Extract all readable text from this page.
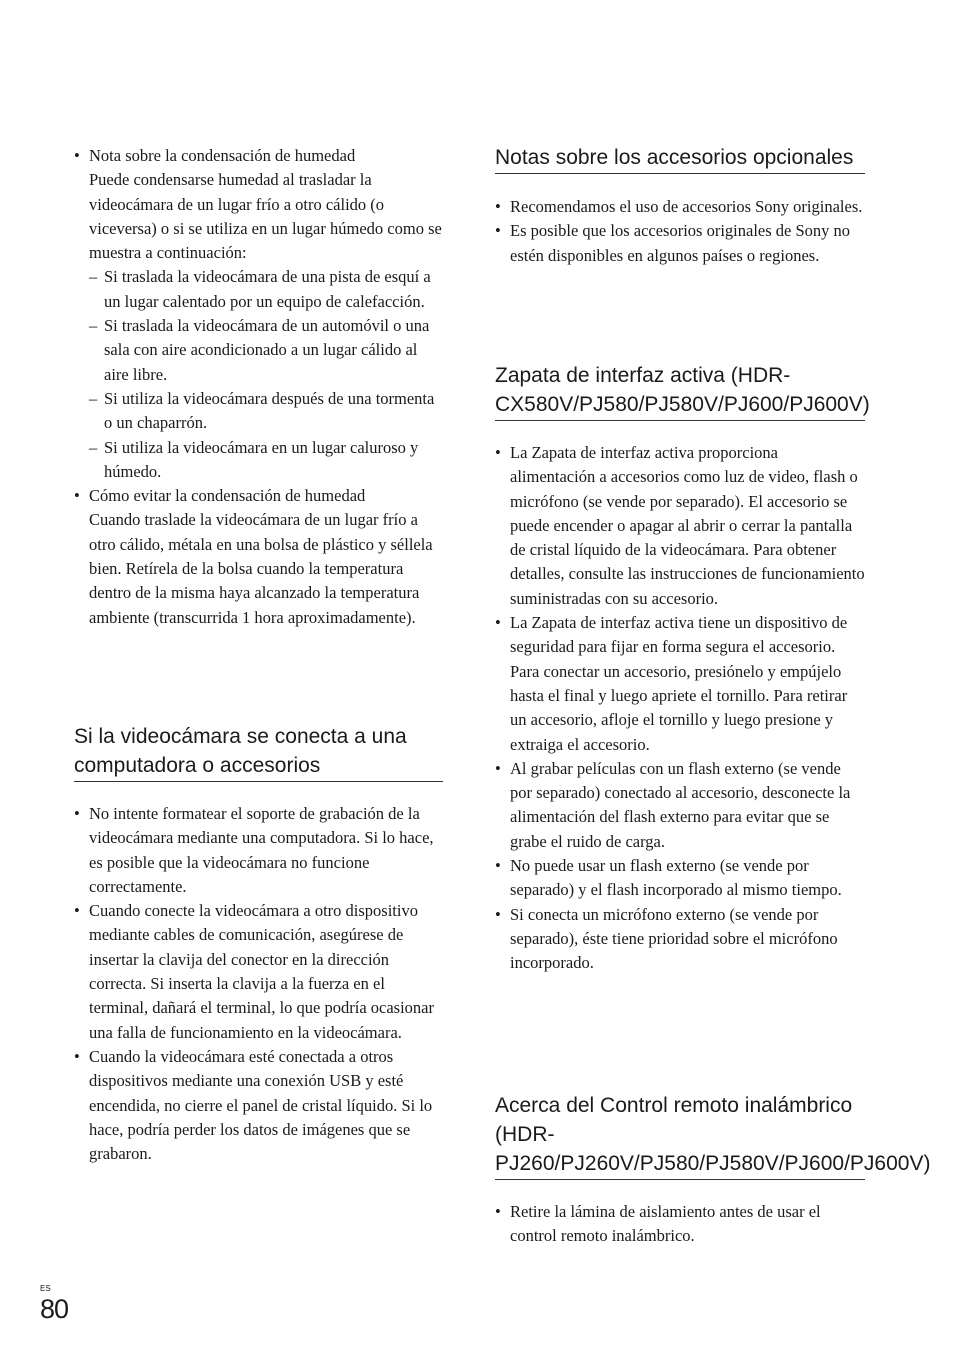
• Nota sobre la condensación de humedad
Puede condensarse humedad al trasladar la videocámara de un lugar frío a otro cálido (o viceversa) o si se utiliza en un lugar húmedo como se muestra a continuación:
– Si traslada la videocámara de una pista de esquí a un lugar calentado por un equipo de calefacción.
– Si traslada la videocámara de un automóvil o una sala con aire acondicionado a un lugar cálido al aire libre.
– Si utiliza la videocámara después de una tormenta o un chaparrón.
– Si utiliza la videocámara en un lugar caluroso y húmedo.
• Cómo evitar la condensación de humedad
Cuando traslade la videocámara de un lugar frío a otro cálido, métala en una bolsa de plástico y séllela bien. Retírela de la bolsa cuando la temperatura dentro de la misma haya alcanzado la temperatura ambiente (transcurrida 1 hora aproximadamente).
Si la videocámara se conecta a una computadora o accesorios
• No intente formatear el soporte de grabación de la videocámara mediante una computadora. Si lo hace, es posible que la videocámara no funcione correctamente.
• Cuando conecte la videocámara a otro dispositivo mediante cables de comunicación, asegúrese de insertar la clavija del conector en la dirección correcta. Si inserta la clavija a la fuerza en el terminal, dañará el terminal, lo que podría ocasionar una falla de funcionamiento en la videocámara.
• Cuando la videocámara esté conectada a otros dispositivos mediante una conexión USB y esté encendida, no cierre el panel de cristal líquido. Si lo hace, podría perder los datos de imágenes que se grabaron.
Notas sobre los accesorios opcionales
• Recomendamos el uso de accesorios Sony originales.
• Es posible que los accesorios originales de Sony no estén disponibles en algunos países o regiones.
Zapata de interfaz activa (HDR-CX580V/PJ580/PJ580V/PJ600/PJ600V)
• La Zapata de interfaz activa proporciona alimentación a accesorios como luz de video, flash o micrófono (se vende por separado). El accesorio se puede encender o apagar al abrir o cerrar la pantalla de cristal líquido de la videocámara. Para obtener detalles, consulte las instrucciones de funcionamiento suministradas con su accesorio.
• La Zapata de interfaz activa tiene un dispositivo de seguridad para fijar en forma segura el accesorio. Para conectar un accesorio, presiónelo y empújelo hasta el final y luego apriete el tornillo. Para retirar un accesorio, afloje el tornillo y luego presione y extraiga el accesorio.
• Al grabar películas con un flash externo (se vende por separado) conectado al accesorio, desconecte la alimentación del flash externo para evitar que se grabe el ruido de carga.
• No puede usar un flash externo (se vende por separado) y el flash incorporado al mismo tiempo.
• Si conecta un micrófono externo (se vende por separado), éste tiene prioridad sobre el micrófono incorporado.
Acerca del Control remoto inalámbrico (HDR-PJ260/PJ260V/PJ580/PJ580V/PJ600/PJ600V)
• Retire la lámina de aislamiento antes de usar el control remoto inalámbrico.
ES
80
